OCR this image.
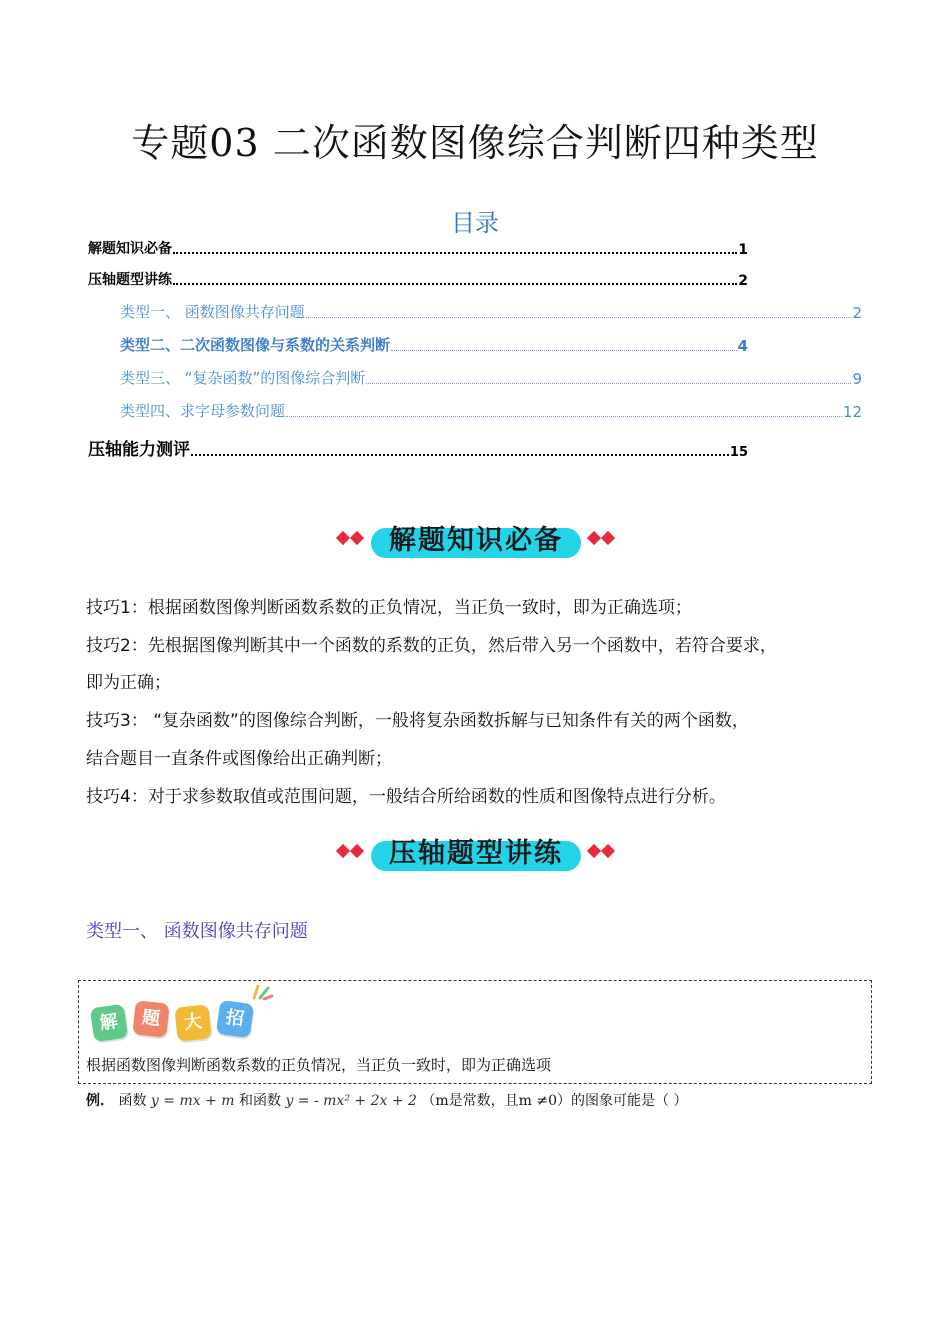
专题03 二次函数图像综合判断四种类型
目录
解题知识必备	1
压轴题型讲练	2
类型一、 函数图像共存问题	2
类型二、二次函数图像与系数的关系判断	4
类型三、 “复杂函数”的图像综合判断	9
类型四、求字母参数问题	12
压轴能力测评	15
解题知识必备
技巧1：根据函数图像判断函数系数的正负情况，当正负一致时，即为正确选项；
技巧2：先根据图像判断其中一个函数的系数的正负，然后带入另一个函数中，若符合要求，
即为正确；
技巧3： “复杂函数”的图像综合判断，一般将复杂函数拆解与已知条件有关的两个函数，
结合题目一直条件或图像给出正确判断；
技巧4：对于求参数取值或范围问题，一般结合所给函数的性质和图像特点进行分析。
压轴题型讲练
类型一、 函数图像共存问题
解	题	大	招
根据函数图像判断函数系数的正负情况，当正负一致时，即为正确选项
例． 函数 y = mx + m 和函数 y = - mx² + 2x + 2 （m是常数，且m ≠0）的图象可能是（ ）
